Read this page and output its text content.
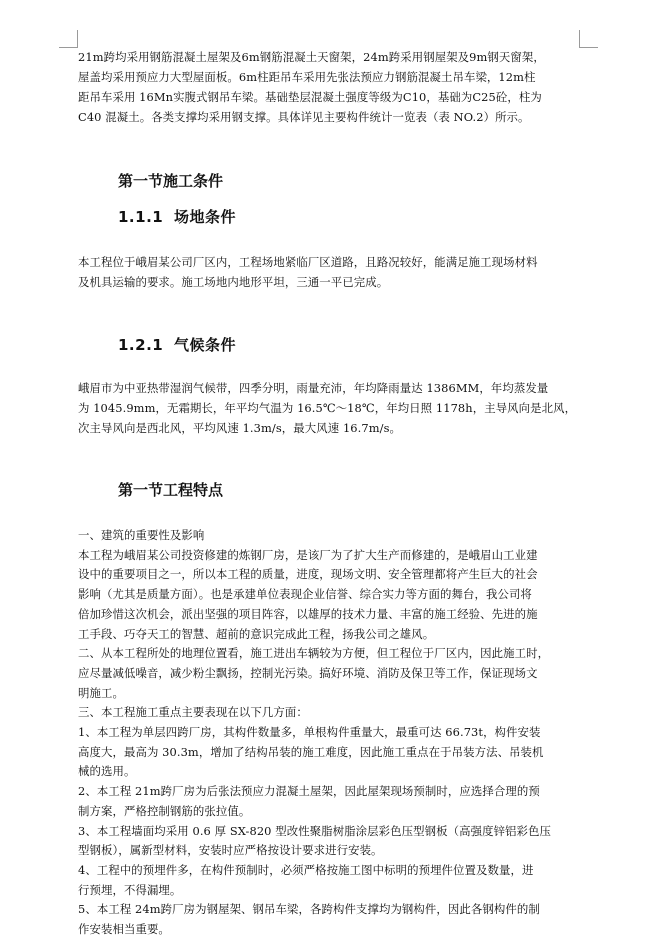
21m跨均采用钢筋混凝土屋架及6m钢筋混凝土天窗架，24m跨采用钢屋架及9m钢天窗架，

屋盖均采用预应力大型屋面板。6m柱距吊车采用先张法预应力钢筋混凝土吊车梁，12m柱

距吊车采用 16Mn实腹式钢吊车梁。基础垫层混凝土强度等级为C10，基础为C25砼，柱为

C40 混凝土。各类支撑均采用钢支撑。具体详见主要构件统计一览表（表 NO.2）所示。

第一节施工条件

1.1.1 场地条件

本工程位于峨眉某公司厂区内，工程场地紧临厂区道路，且路况较好，能满足施工现场材料

及机具运输的要求。施工场地内地形平坦，三通一平已完成。

1.2.1 气候条件

峨眉市为中亚热带湿润气候带，四季分明，雨量充沛，年均降雨量达 1386MM，年均蒸发量

为 1045.9mm，无霜期长，年平均气温为 16.5℃～18℃，年均日照 1178h，主导风向是北风，

次主导风向是西北风，平均风速 1.3m/s，最大风速 16.7m/s。

第一节工程特点

一、建筑的重要性及影响

本工程为峨眉某公司投资修建的炼钢厂房，是该厂为了扩大生产而修建的，是峨眉山工业建

设中的重要项目之一，所以本工程的质量，进度，现场文明、安全管理都将产生巨大的社会

影响（尤其是质量方面）。也是承建单位表现企业信誉、综合实力等方面的舞台，我公司将

倍加珍惜这次机会，派出坚强的项目阵容，以雄厚的技术力量、丰富的施工经验、先进的施

工手段、巧夺天工的智慧、超前的意识完成此工程，扬我公司之雄风。

二、从本工程所处的地理位置看，施工进出车辆较为方便，但工程位于厂区内，因此施工时，

应尽量减低噪音，减少粉尘飘扬，控制光污染。搞好环境、消防及保卫等工作，保证现场文

明施工。

三、本工程施工重点主要表现在以下几方面：

1、本工程为单层四跨厂房，其构件数量多，单根构件重量大，最重可达 66.73t，构件安装

高度大，最高为 30.3m，增加了结构吊装的施工难度，因此施工重点在于吊装方法、吊装机

械的选用。

2、本工程 21m跨厂房为后张法预应力混凝土屋架，因此屋架现场预制时，应选择合理的预

制方案，严格控制钢筋的张拉值。

3、本工程墙面均采用 0.6 厚 SX-820 型改性聚脂树脂涂层彩色压型钢板（高强度锌铝彩色压

型钢板），属新型材料，安装时应严格按设计要求进行安装。

4、工程中的预埋件多，在构件预制时，必须严格按施工图中标明的预埋件位置及数量，进

行预埋，不得漏埋。

5、本工程 24m跨厂房为钢屋架、钢吊车梁，各跨构件支撑均为钢构件，因此各钢构件的制

作安装相当重要。
